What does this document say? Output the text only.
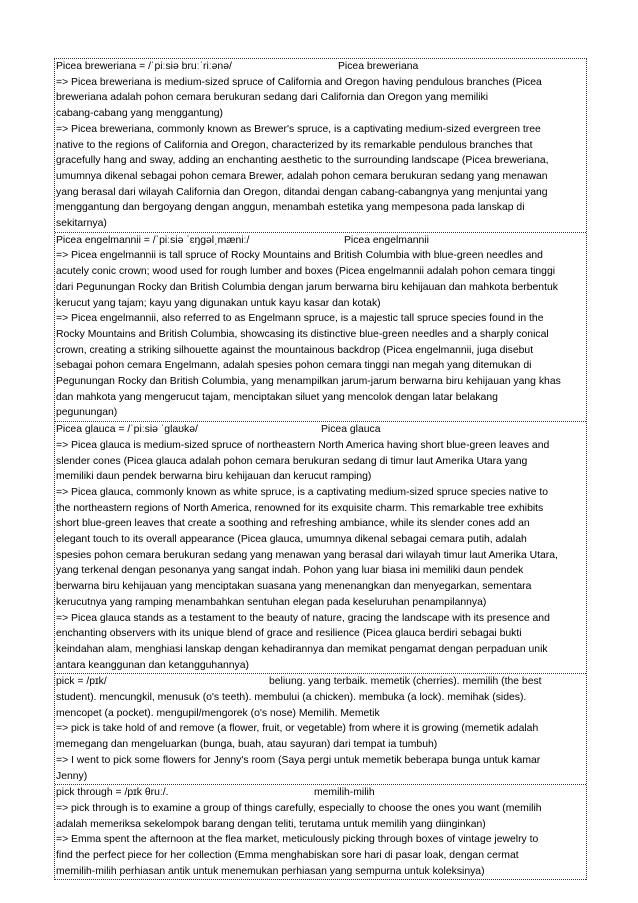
Picea breweriana = /ˈpiːsiə bruːˈriːənə/	Picea breweriana
=> Picea breweriana is medium-sized spruce of California and Oregon having pendulous branches (Picea
breweriana adalah pohon cemara berukuran sedang dari California dan Oregon yang memiliki
cabang-cabang yang menggantung)
=> Picea breweriana, commonly known as Brewer's spruce, is a captivating medium-sized evergreen tree
native to the regions of California and Oregon, characterized by its remarkable pendulous branches that
gracefully hang and sway, adding an enchanting aesthetic to the surrounding landscape (Picea breweriana,
umumnya dikenal sebagai pohon cemara Brewer, adalah pohon cemara berukuran sedang yang menawan
yang berasal dari wilayah California dan Oregon, ditandai dengan cabang-cabangnya yang menjuntai yang
menggantung dan bergoyang dengan anggun, menambah estetika yang mempesona pada lanskap di
sekitarnya)
Picea engelmannii = /ˈpiːsiə ˈɛŋgəlˌmæniː/	Picea engelmannii
=> Picea engelmannii is tall spruce of Rocky Mountains and British Columbia with blue-green needles and
acutely conic crown; wood used for rough lumber and boxes (Picea engelmannii adalah pohon cemara tinggi
dari Pegunungan Rocky dan British Columbia dengan jarum berwarna biru kehijauan dan mahkota berbentuk
kerucut yang tajam; kayu yang digunakan untuk kayu kasar dan kotak)
=> Picea engelmannii, also referred to as Engelmann spruce, is a majestic tall spruce species found in the
Rocky Mountains and British Columbia, showcasing its distinctive blue-green needles and a sharply conical
crown, creating a striking silhouette against the mountainous backdrop (Picea engelmannii, juga disebut
sebagai pohon cemara Engelmann, adalah spesies pohon cemara tinggi nan megah yang ditemukan di
Pegunungan Rocky dan British Columbia, yang menampilkan jarum-jarum berwarna biru kehijauan yang khas
dan mahkota yang mengerucut tajam, menciptakan siluet yang mencolok dengan latar belakang
pegunungan)
Picea glauca = /ˈpiːsiə ˈglaʊkə/	Picea glauca
=> Picea glauca is medium-sized spruce of northeastern North America having short blue-green leaves and
slender cones (Picea glauca adalah pohon cemara berukuran sedang di timur laut Amerika Utara yang
memiliki daun pendek berwarna biru kehijauan dan kerucut ramping)
=> Picea glauca, commonly known as white spruce, is a captivating medium-sized spruce species native to
the northeastern regions of North America, renowned for its exquisite charm. This remarkable tree exhibits
short blue-green leaves that create a soothing and refreshing ambiance, while its slender cones add an
elegant touch to its overall appearance (Picea glauca, umumnya dikenal sebagai cemara putih, adalah
spesies pohon cemara berukuran sedang yang menawan yang berasal dari wilayah timur laut Amerika Utara,
yang terkenal dengan pesonanya yang sangat indah. Pohon yang luar biasa ini memiliki daun pendek
berwarna biru kehijauan yang menciptakan suasana yang menenangkan dan menyegarkan, sementara
kerucutnya yang ramping menambahkan sentuhan elegan pada keseluruhan penampilannya)
=> Picea glauca stands as a testament to the beauty of nature, gracing the landscape with its presence and
enchanting observers with its unique blend of grace and resilience (Picea glauca berdiri sebagai bukti
keindahan alam, menghiasi lanskap dengan kehadirannya dan memikat pengamat dengan perpaduan unik
antara keanggunan dan ketangguhannya)
pick = /pɪk/	beliung. yang terbaik. memetik (cherries). memilih (the best
student). mencungkil, menusuk (o's teeth). membului (a chicken). membuka (a lock). memihak (sides).
mencopet (a pocket). mengupil/mengorek (o's nose) Memilih. Memetik
=> pick is take hold of and remove (a flower, fruit, or vegetable) from where it is growing (memetik adalah
memegang dan mengeluarkan (bunga, buah, atau sayuran) dari tempat ia tumbuh)
=> I went to pick some flowers for Jenny's room (Saya pergi untuk memetik beberapa bunga untuk kamar
Jenny)
pick through = /pɪk θruː/.	memilih-milih
=> pick through is to examine a group of things carefully, especially to choose the ones you want (memilih
adalah memeriksa sekelompok barang dengan teliti, terutama untuk memilih yang diinginkan)
=> Emma spent the afternoon at the flea market, meticulously picking through boxes of vintage jewelry to
find the perfect piece for her collection (Emma menghabiskan sore hari di pasar loak, dengan cermat
memilih-milih perhiasan antik untuk menemukan perhiasan yang sempurna untuk koleksinya)
